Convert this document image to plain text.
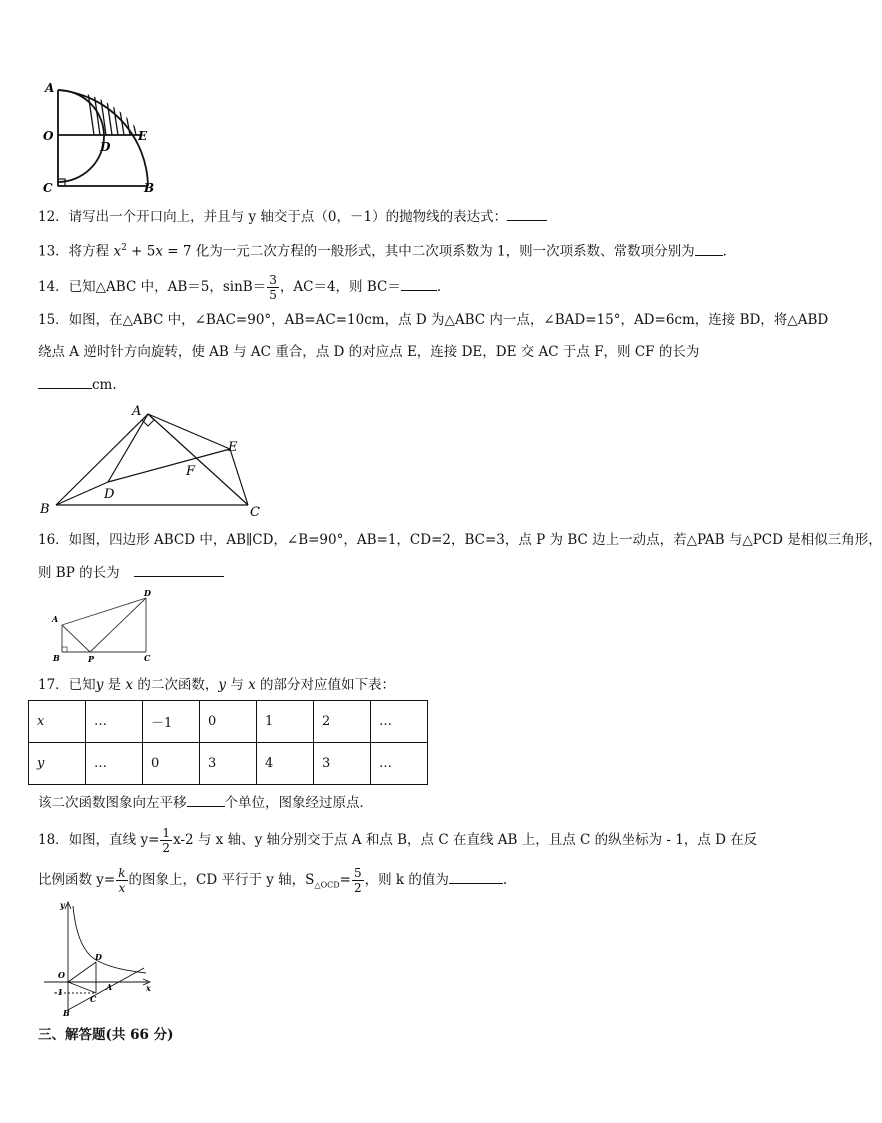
A
O
C
D
E
B
12．请写出一个开口向上，并且与 y 轴交于点（0，－1）的抛物线的表达式：
13．将方程 $x^2 + 5x = 7$ 化为一元二次方程的一般形式，其中二次项系数为 1，则一次项系数、常数项分别为 ．
14．已知△ABC 中，AB＝5，$\sin B= \frac{3}{5}$ ，AC＝4，则 BC＝	．
15．如图，在△ABC 中，∠BAC=90°，AB=AC=10cm，点 D 为△ABC 内一点，∠BAD=15°，AD=6cm，连接 BD，将△ABD
绕点 A 逆时针方向旋转，使 AB 与 AC 重合，点 D 的对应点 E，连接 DE，DE 交 AC 于点 F，则 CF 的长为
cm.
A
E
F
D
B	C
16．如图，四边形 ABCD 中，AB∥CD，∠B=90°，AB=1，CD=2，BC=3，点 P 为 BC 边上一动点，若△PAB 与△PCD 是相似三角形，
则 BP 的长为
A
B	P	C
D
17．已知y 是 x 的二次函数，y 与 x 的部分对应值如下表：
x	…	－1	0	1	2	…
y	…	0	3	4	3	…
该二次函数图象向左平移	个单位，图象经过原点．
18．如图，直线 $y= \frac{1}{2} x-2$ 与 x 轴、y 轴分别交于点 A 和点 B，点 C 在直线 AB 上，且点 C 的纵坐标为 - 1，点 D 在反
比例函数 $y= \frac{k}{x}$ 的图象上，CD 平行于 y 轴，$S_{\triangle OCD}= \frac{5}{2}$ ，则 k 的值为	.
y
x
O
D
-1
C
A
B
三、解答题(共 66 分)
